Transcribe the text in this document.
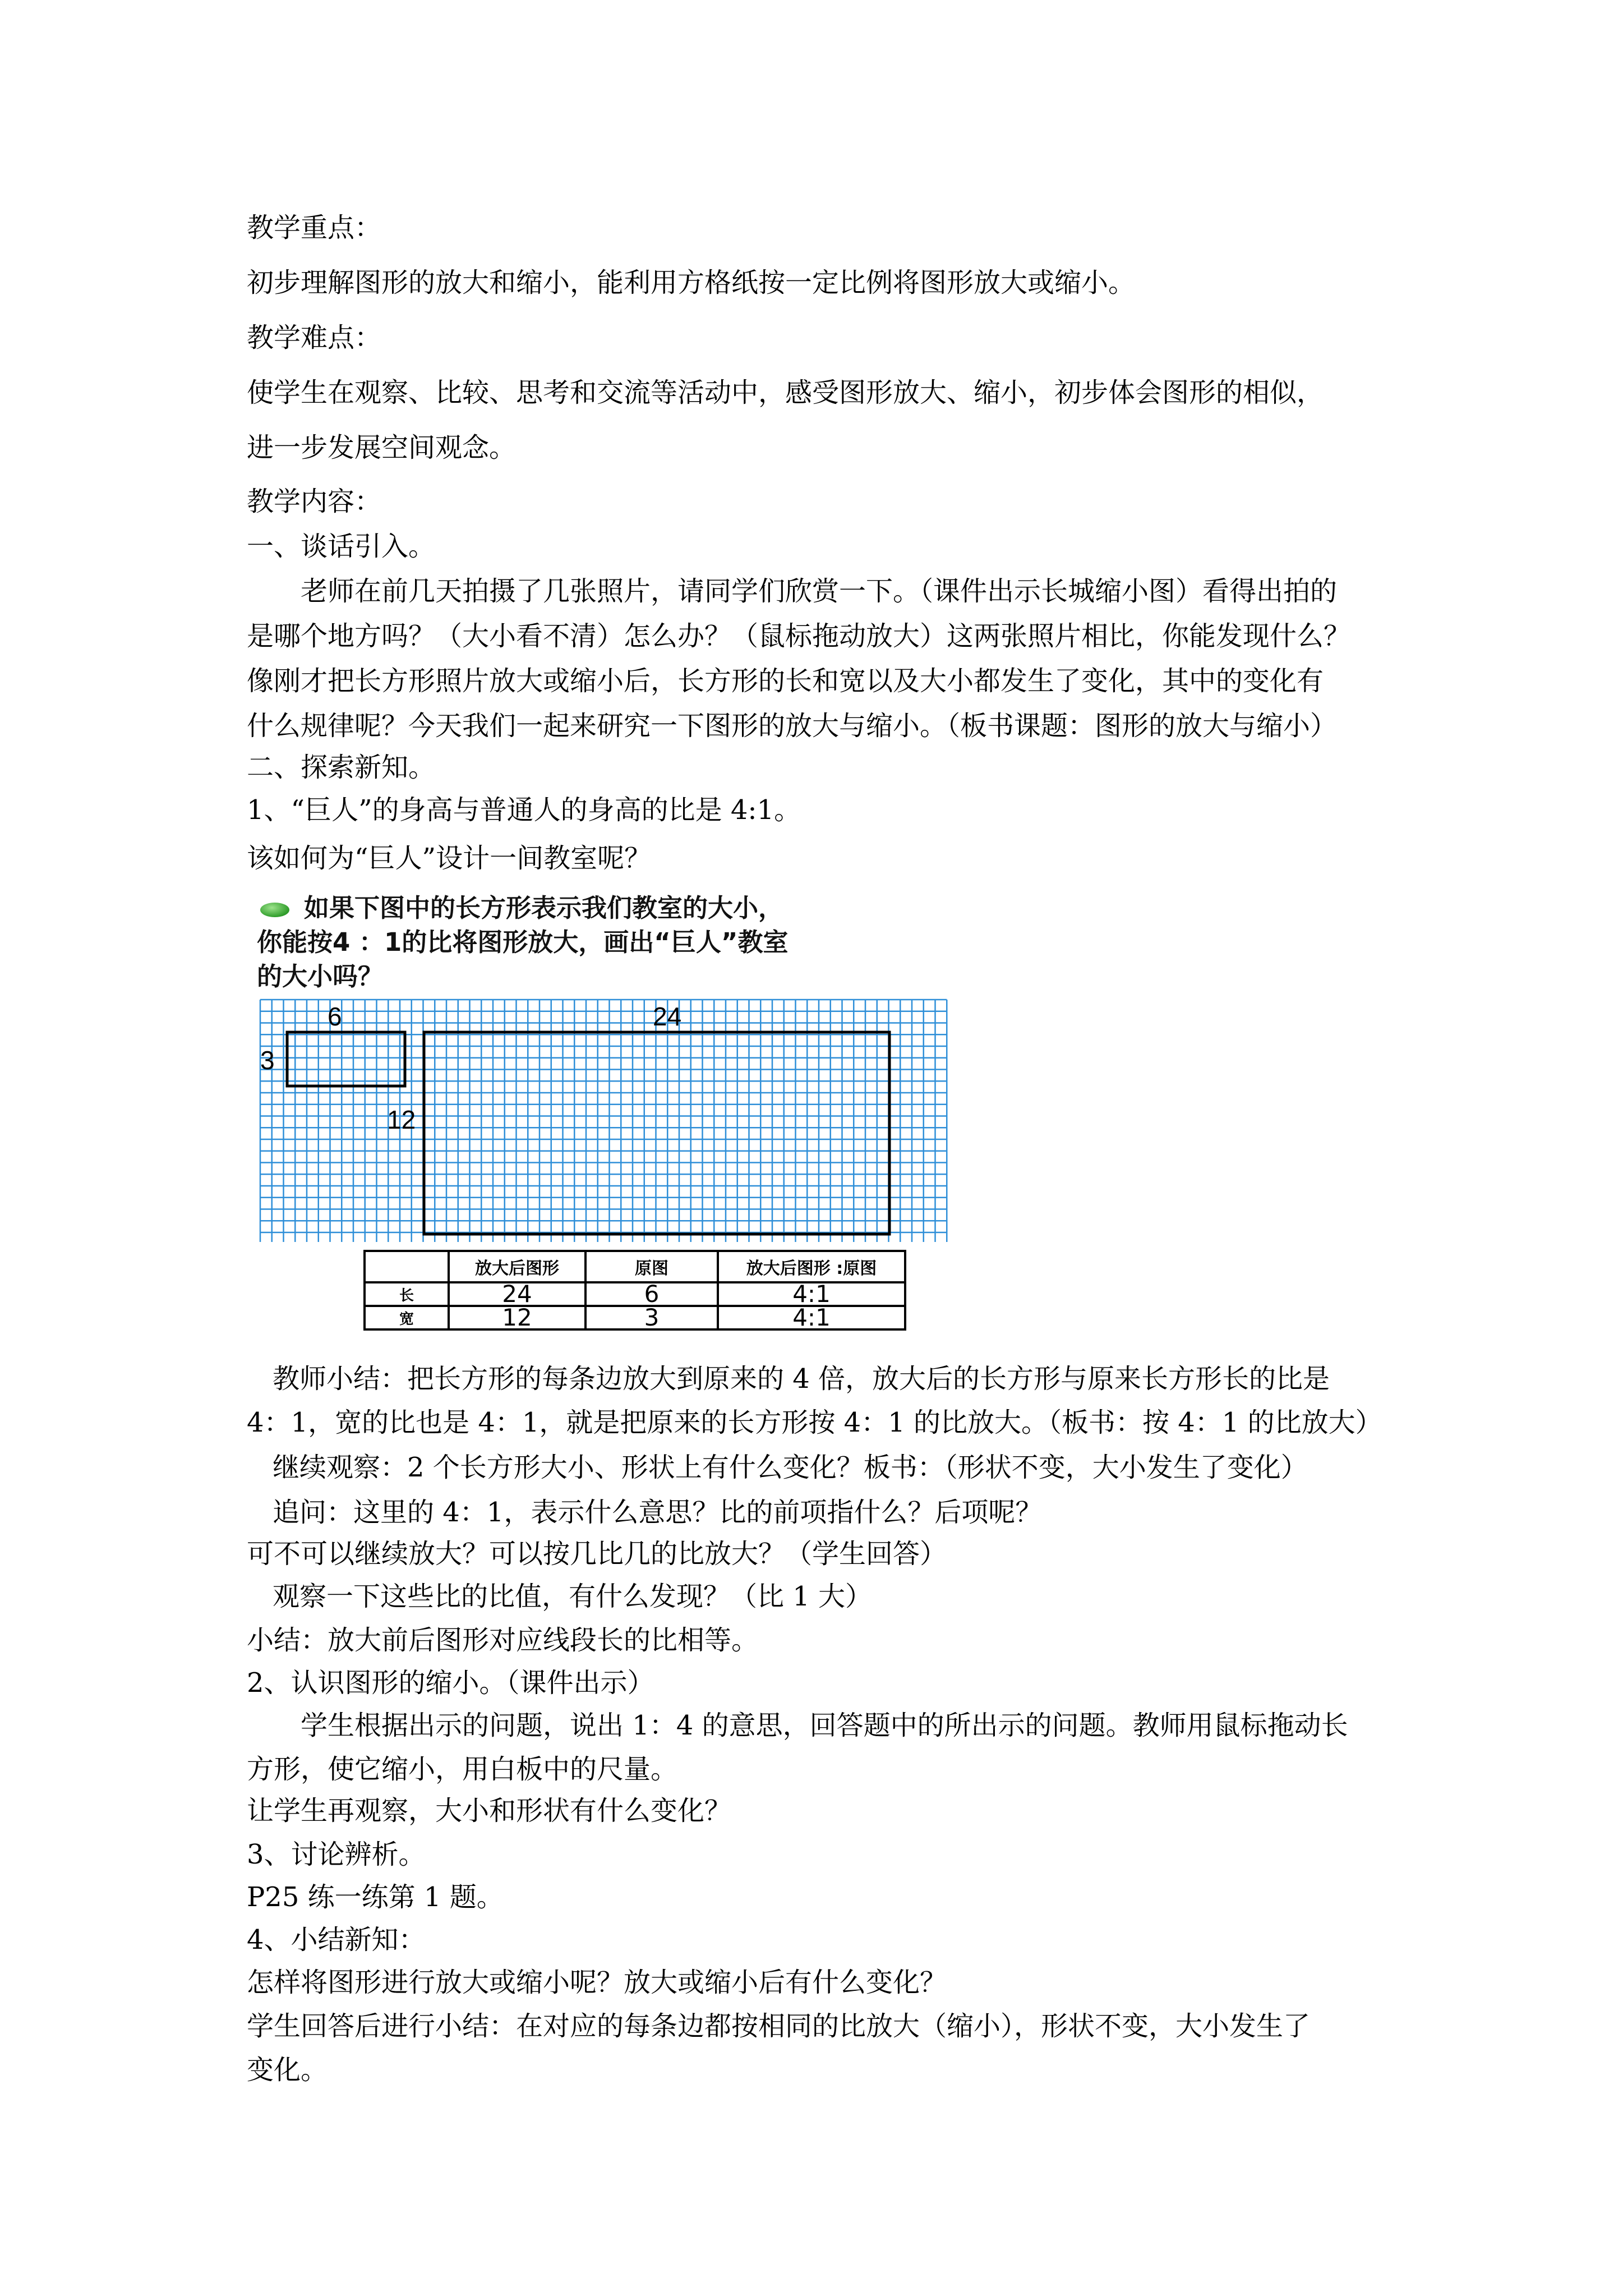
教学重点：

初步理解图形的放大和缩小，能利用方格纸按一定比例将图形放大或缩小。

教学难点：

使学生在观察、比较、思考和交流等活动中，感受图形放大、缩小，初步体会图形的相似，

进一步发展空间观念。

教学内容：

一、谈话引入。

老师在前几天拍摄了几张照片，请同学们欣赏一下。（课件出示长城缩小图）看得出拍的

是哪个地方吗？（大小看不清）怎么办？（鼠标拖动放大）这两张照片相比，你能发现什么？

像刚才把长方形照片放大或缩小后，长方形的长和宽以及大小都发生了变化，其中的变化有

什么规律呢？今天我们一起来研究一下图形的放大与缩小。（板书课题：图形的放大与缩小）

二、探索新知。

1、“巨人”的身高与普通人的身高的比是 4:1。

该如何为“巨人”设计一间教室呢？

如果下图中的长方形表示我们教室的大小，
你能按4 ：1的比将图形放大，画出“巨人”教室
的大小吗？
6
3
24
12
	放大后图形	原图	放大后图形 :原图
长	24	6	4:1
宽	12	3	4:1

教师小结：把长方形的每条边放大到原来的 4 倍，放大后的长方形与原来长方形长的比是

4：1，宽的比也是 4：1，就是把原来的长方形按 4：1 的比放大。（板书：按 4：1 的比放大）

继续观察：2 个长方形大小、形状上有什么变化？板书：（形状不变，大小发生了变化）

追问：这里的 4：1，表示什么意思？比的前项指什么？后项呢？

可不可以继续放大？可以按几比几的比放大？（学生回答）

观察一下这些比的比值，有什么发现？（比 1 大）

小结：放大前后图形对应线段长的比相等。

2、认识图形的缩小。（课件出示）

学生根据出示的问题，说出 1：4 的意思，回答题中的所出示的问题。教师用鼠标拖动长

方形，使它缩小，用白板中的尺量。

让学生再观察，大小和形状有什么变化？

3、讨论辨析。

P25 练一练第 1 题。

4、小结新知：

怎样将图形进行放大或缩小呢？放大或缩小后有什么变化？

学生回答后进行小结：在对应的每条边都按相同的比放大（缩小），形状不变，大小发生了

变化。
